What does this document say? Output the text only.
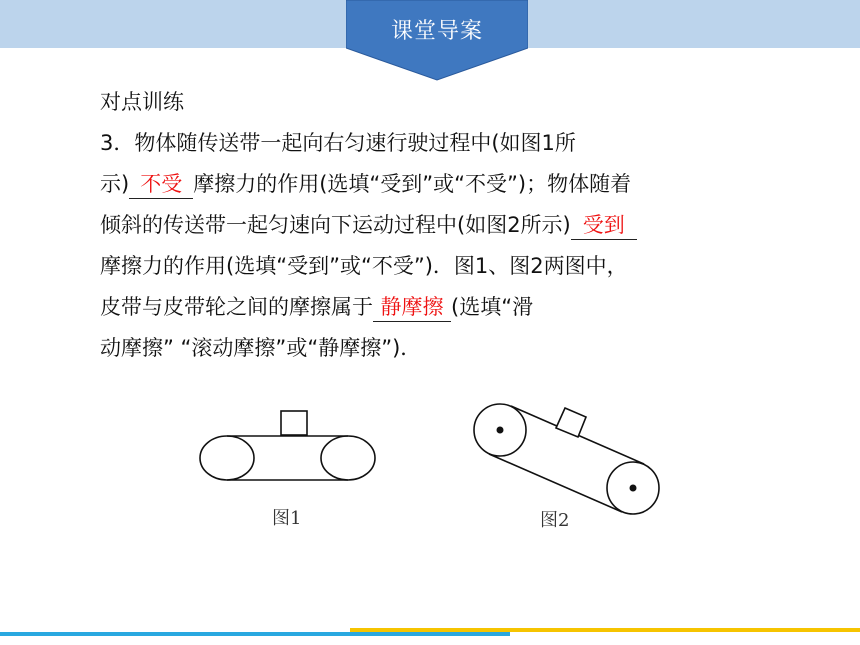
课堂导案
对点训练
3．物体随传送带一起向右匀速行驶过程中(如图1所
示) 不受 摩擦力的作用(选填“受到”或“不受”)；物体随着
倾斜的传送带一起匀速向下运动过程中(如图2所示) 受到
摩擦力的作用(选填“受到”或“不受”)．图1、图2两图中，
皮带与皮带轮之间的摩擦属于 静摩擦 (选填“滑
动摩擦” “滚动摩擦”或“静摩擦”)．
图1	图2
